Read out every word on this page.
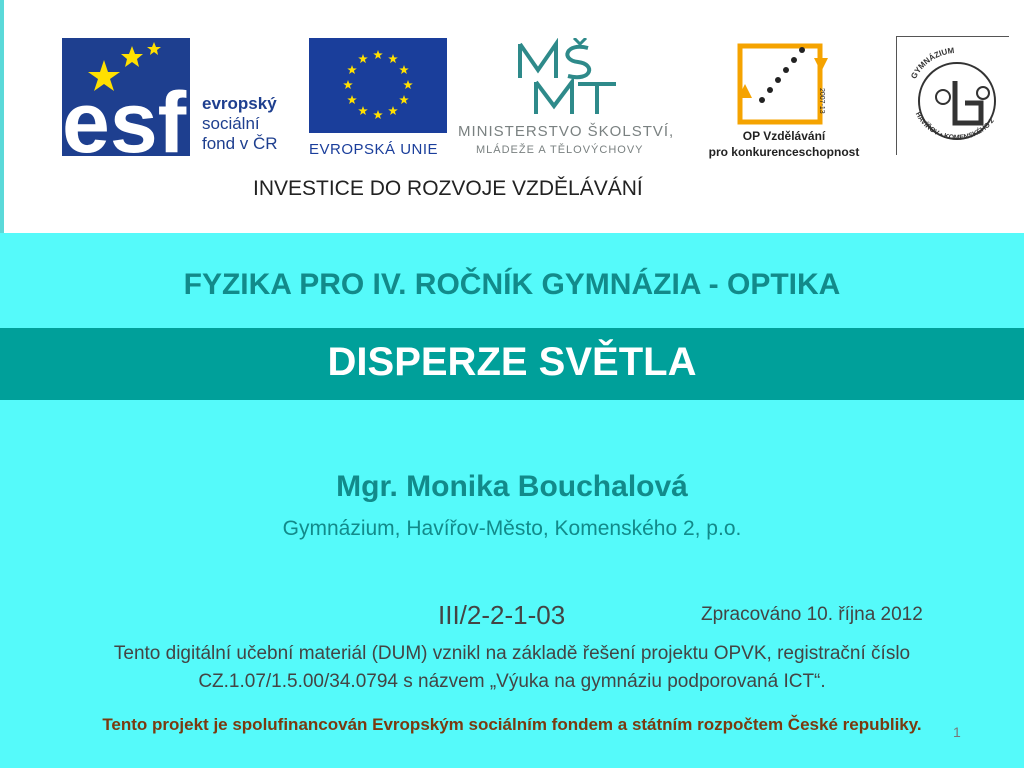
esf evropský
sociální
fond v ČR EVROPSKÁ UNIE
MINISTERSTVO ŠKOLSTVÍ,
MLÁDEŽE A TĚLOVÝCHOVY
2007-13
OP Vzdělávání
pro konkurenceschopnost
GYMNÁZIUM
HAVÍŘOV • KOMENSKÉHO 2
INVESTICE DO ROZVOJE VZDĚLÁVÁNÍ
FYZIKA PRO IV. ROČNÍK GYMNÁZIA - OPTIKA
DISPERZE SVĚTLA
Mgr. Monika Bouchalová
Gymnázium, Havířov-Město, Komenského 2, p.o.
III/2-2-1-03	Zpracováno 10. října 2012
Tento digitální učební materiál (DUM) vznikl na základě řešení projektu OPVK, registrační číslo CZ.1.07/1.5.00/34.0794 s názvem „Výuka na gymnáziu podporovaná ICT“.
Tento projekt je spolufinancován Evropským sociálním fondem a státním rozpočtem České republiky.	1
